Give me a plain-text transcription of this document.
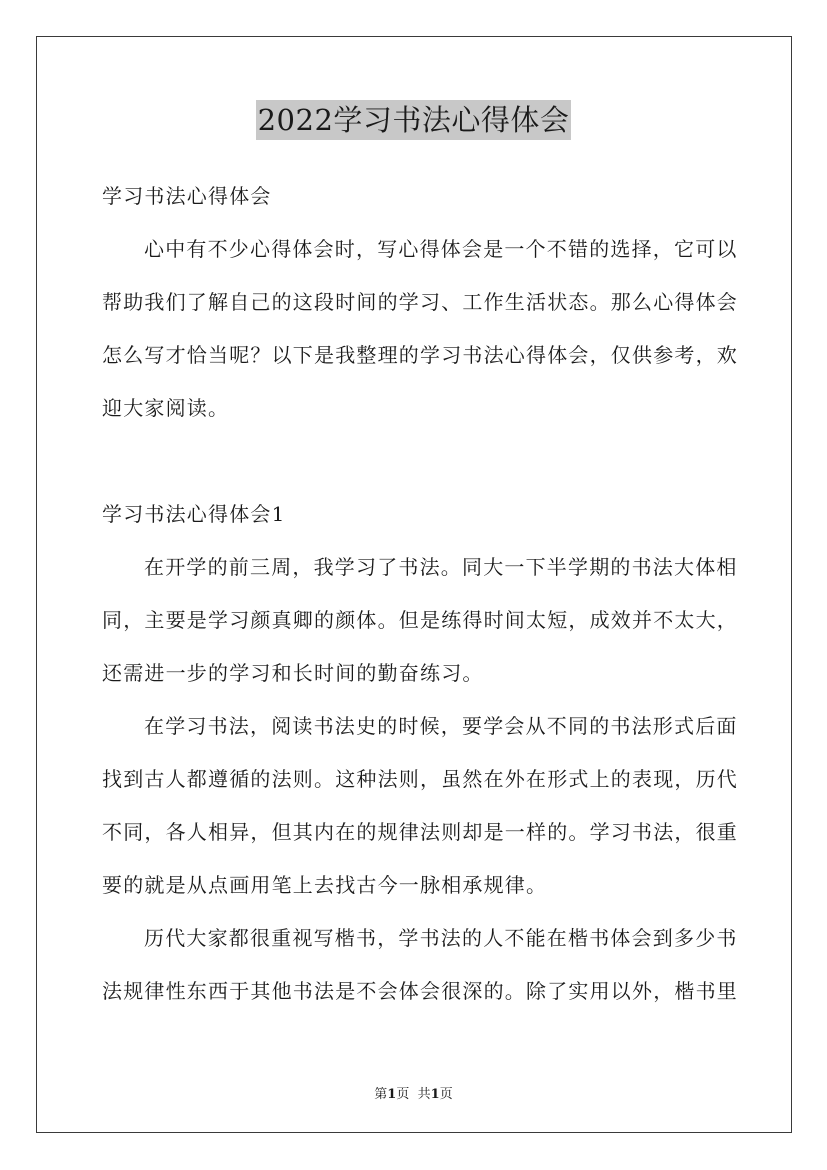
2022学习书法心得体会
学习书法心得体会
心中有不少心得体会时，写心得体会是一个不错的选择，它可以
帮助我们了解自己的这段时间的学习、工作生活状态。那么心得体会
怎么写才恰当呢？以下是我整理的学习书法心得体会，仅供参考，欢
迎大家阅读。
学习书法心得体会1
在开学的前三周，我学习了书法。同大一下半学期的书法大体相
同，主要是学习颜真卿的颜体。但是练得时间太短，成效并不太大，
还需进一步的学习和长时间的勤奋练习。
在学习书法，阅读书法史的时候，要学会从不同的书法形式后面
找到古人都遵循的法则。这种法则，虽然在外在形式上的表现，历代
不同，各人相异，但其内在的规律法则却是一样的。学习书法，很重
要的就是从点画用笔上去找古今一脉相承规律。
历代大家都很重视写楷书，学书法的人不能在楷书体会到多少书
法规律性东西于其他书法是不会体会很深的。除了实用以外，楷书里
第1页 共1页
